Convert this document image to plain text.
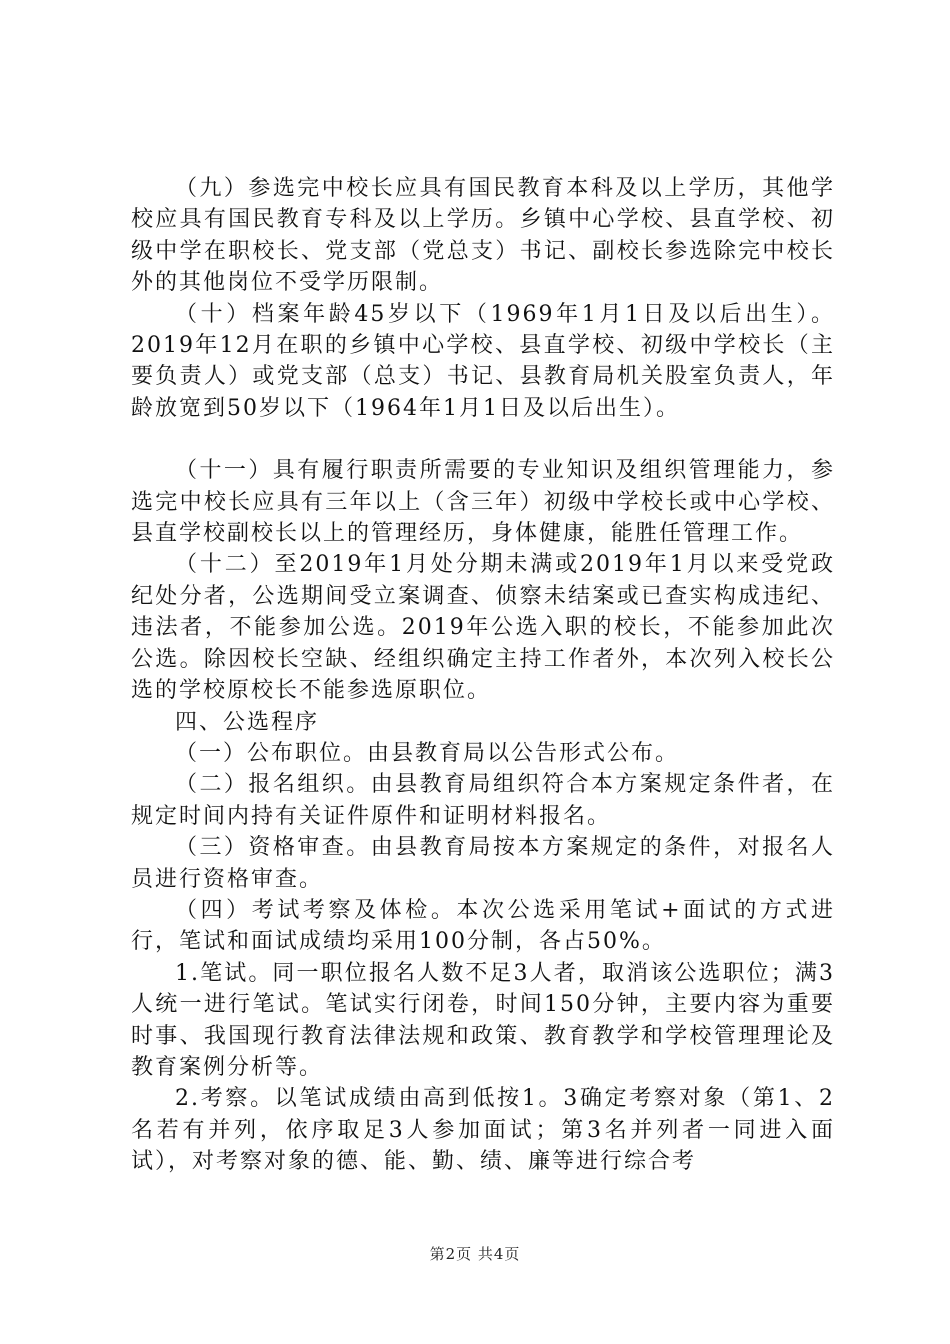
（九）参选完中校长应具有国民教育本科及以上学历，其他学校应具有国民教育专科及以上学历。乡镇中心学校、县直学校、初级中学在职校长、党支部（党总支）书记、副校长参选除完中校长外的其他岗位不受学历限制。

（十）档案年龄45岁以下（1969年1月1日及以后出生）。2019年12月在职的乡镇中心学校、县直学校、初级中学校长（主要负责人）或党支部（总支）书记、县教育局机关股室负责人，年龄放宽到50岁以下（1964年1月1日及以后出生）。

（十一）具有履行职责所需要的专业知识及组织管理能力，参选完中校长应具有三年以上（含三年）初级中学校长或中心学校、县直学校副校长以上的管理经历，身体健康，能胜任管理工作。

（十二）至2019年1月处分期未满或2019年1月以来受党政纪处分者，公选期间受立案调查、侦察未结案或已查实构成违纪、违法者，不能参加公选。2019年公选入职的校长，不能参加此次公选。除因校长空缺、经组织确定主持工作者外，本次列入校长公选的学校原校长不能参选原职位。

四、公选程序

（一）公布职位。由县教育局以公告形式公布。

（二）报名组织。由县教育局组织符合本方案规定条件者，在规定时间内持有关证件原件和证明材料报名。

（三）资格审查。由县教育局按本方案规定的条件，对报名人员进行资格审查。

（四）考试考察及体检。本次公选采用笔试+面试的方式进行，笔试和面试成绩均采用100分制，各占50%。

1.笔试。同一职位报名人数不足3人者，取消该公选职位；满3人统一进行笔试。笔试实行闭卷，时间150分钟，主要内容为重要时事、我国现行教育法律法规和政策、教育教学和学校管理理论及教育案例分析等。

2.考察。以笔试成绩由高到低按1。3确定考察对象（第1、2名若有并列，依序取足3人参加面试；第3名并列者一同进入面试），对考察对象的德、能、勤、绩、廉等进行综合考

第2页 共4页
